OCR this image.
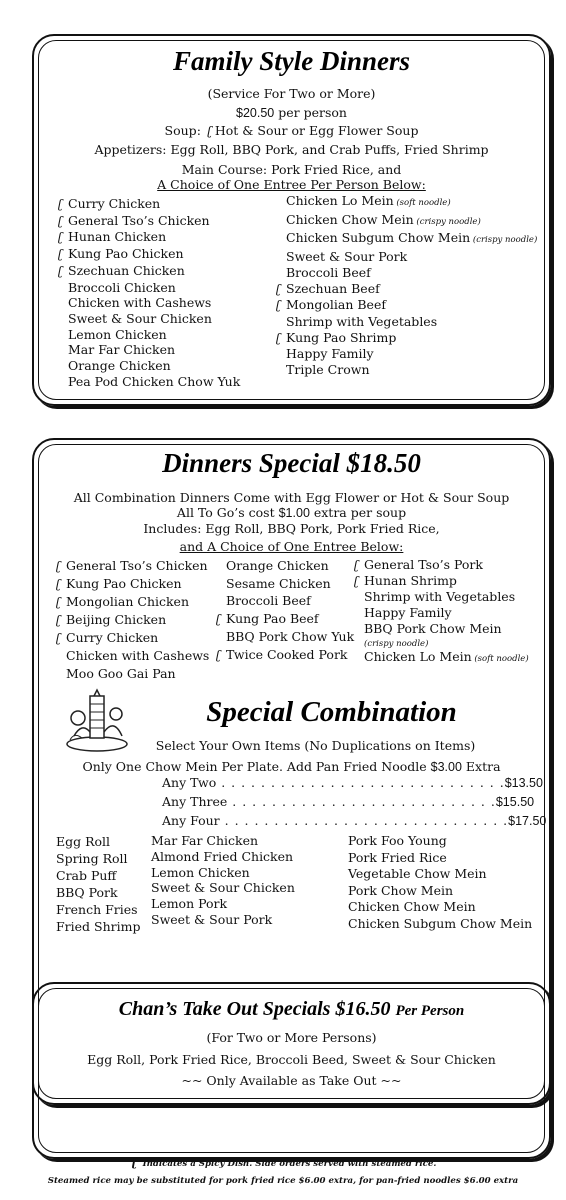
Family Style Dinners
(Service For Two or More)
$20.50 per person
Soup: ʗ Hot & Sour or Egg Flower Soup
Appetizers: Egg Roll, BBQ Pork, and Crab Puffs, Fried Shrimp
Main Course: Pork Fried Rice, and
A Choice of One Entree Per Person Below:
ʗ Curry Chicken
ʗ General Tso’s Chicken
ʗ Hunan Chicken
ʗ Kung Pao Chicken
ʗ Szechuan Chicken
Broccoli Chicken
Chicken with Cashews
Sweet & Sour Chicken
Lemon Chicken
Mar Far Chicken
Orange Chicken
Pea Pod Chicken Chow Yuk
Chicken Lo Mein (soft noodle)
Chicken Chow Mein (crispy noodle)
Chicken Subgum Chow Mein (crispy noodle)
Sweet & Sour Pork
Broccoli Beef
ʗ Szechuan Beef
ʗ Mongolian Beef
Shrimp with Vegetables
ʗ Kung Pao Shrimp
Happy Family
Triple Crown
Dinners Special $18.50
All Combination Dinners Come with Egg Flower or Hot & Sour Soup
All To Go’s cost $1.00 extra per soup
Includes: Egg Roll, BBQ Pork, Pork Fried Rice,
and A Choice of One Entree Below:
ʗ General Tso’s Chicken
ʗ Kung Pao Chicken
ʗ Mongolian Chicken
ʗ Beijing Chicken
ʗ Curry Chicken
Chicken with Cashews
Moo Goo Gai Pan
Orange Chicken
Sesame Chicken
Broccoli Beef
ʗ Kung Pao Beef
BBQ Pork Chow Yuk
ʗ Twice Cooked Pork
ʗ General Tso’s Pork
ʗ Hunan Shrimp
Shrimp with Vegetables
Happy Family
BBQ Pork Chow Mein
(crispy noodle)
Chicken Lo Mein (soft noodle)
Special Combination
Select Your Own Items (No Duplications on Items)
Only One Chow Mein Per Plate. Add Pan Fried Noodle $3.00 Extra
Any Two . . . . . . . . . . . . . . . . . . . . . . . . . . . . .$13.50
Any Three . . . . . . . . . . . . . . . . . . . . . . . . . . .$15.50
Any Four . . . . . . . . . . . . . . . . . . . . . . . . . . . . .$17.50
Egg Roll
Spring Roll
Crab Puff
BBQ Pork
French Fries
Fried Shrimp
Mar Far Chicken
Almond Fried Chicken
Lemon Chicken
Sweet & Sour Chicken
Lemon Pork
Sweet & Sour Pork
Pork Foo Young
Pork Fried Rice
Vegetable Chow Mein
Pork Chow Mein
Chicken Chow Mein
Chicken Subgum Chow Mein
Chan’s Take Out Specials $16.50 Per Person
(For Two or More Persons)
Egg Roll, Pork Fried Rice, Broccoli Beed, Sweet & Sour Chicken
~~ Only Available as Take Out ~~
ʗ Indicates a Spicy Dish. Side orders served with steamed rice.
Steamed rice may be substituted for pork fried rice $6.00 extra, for pan-fried noodles $6.00 extra
